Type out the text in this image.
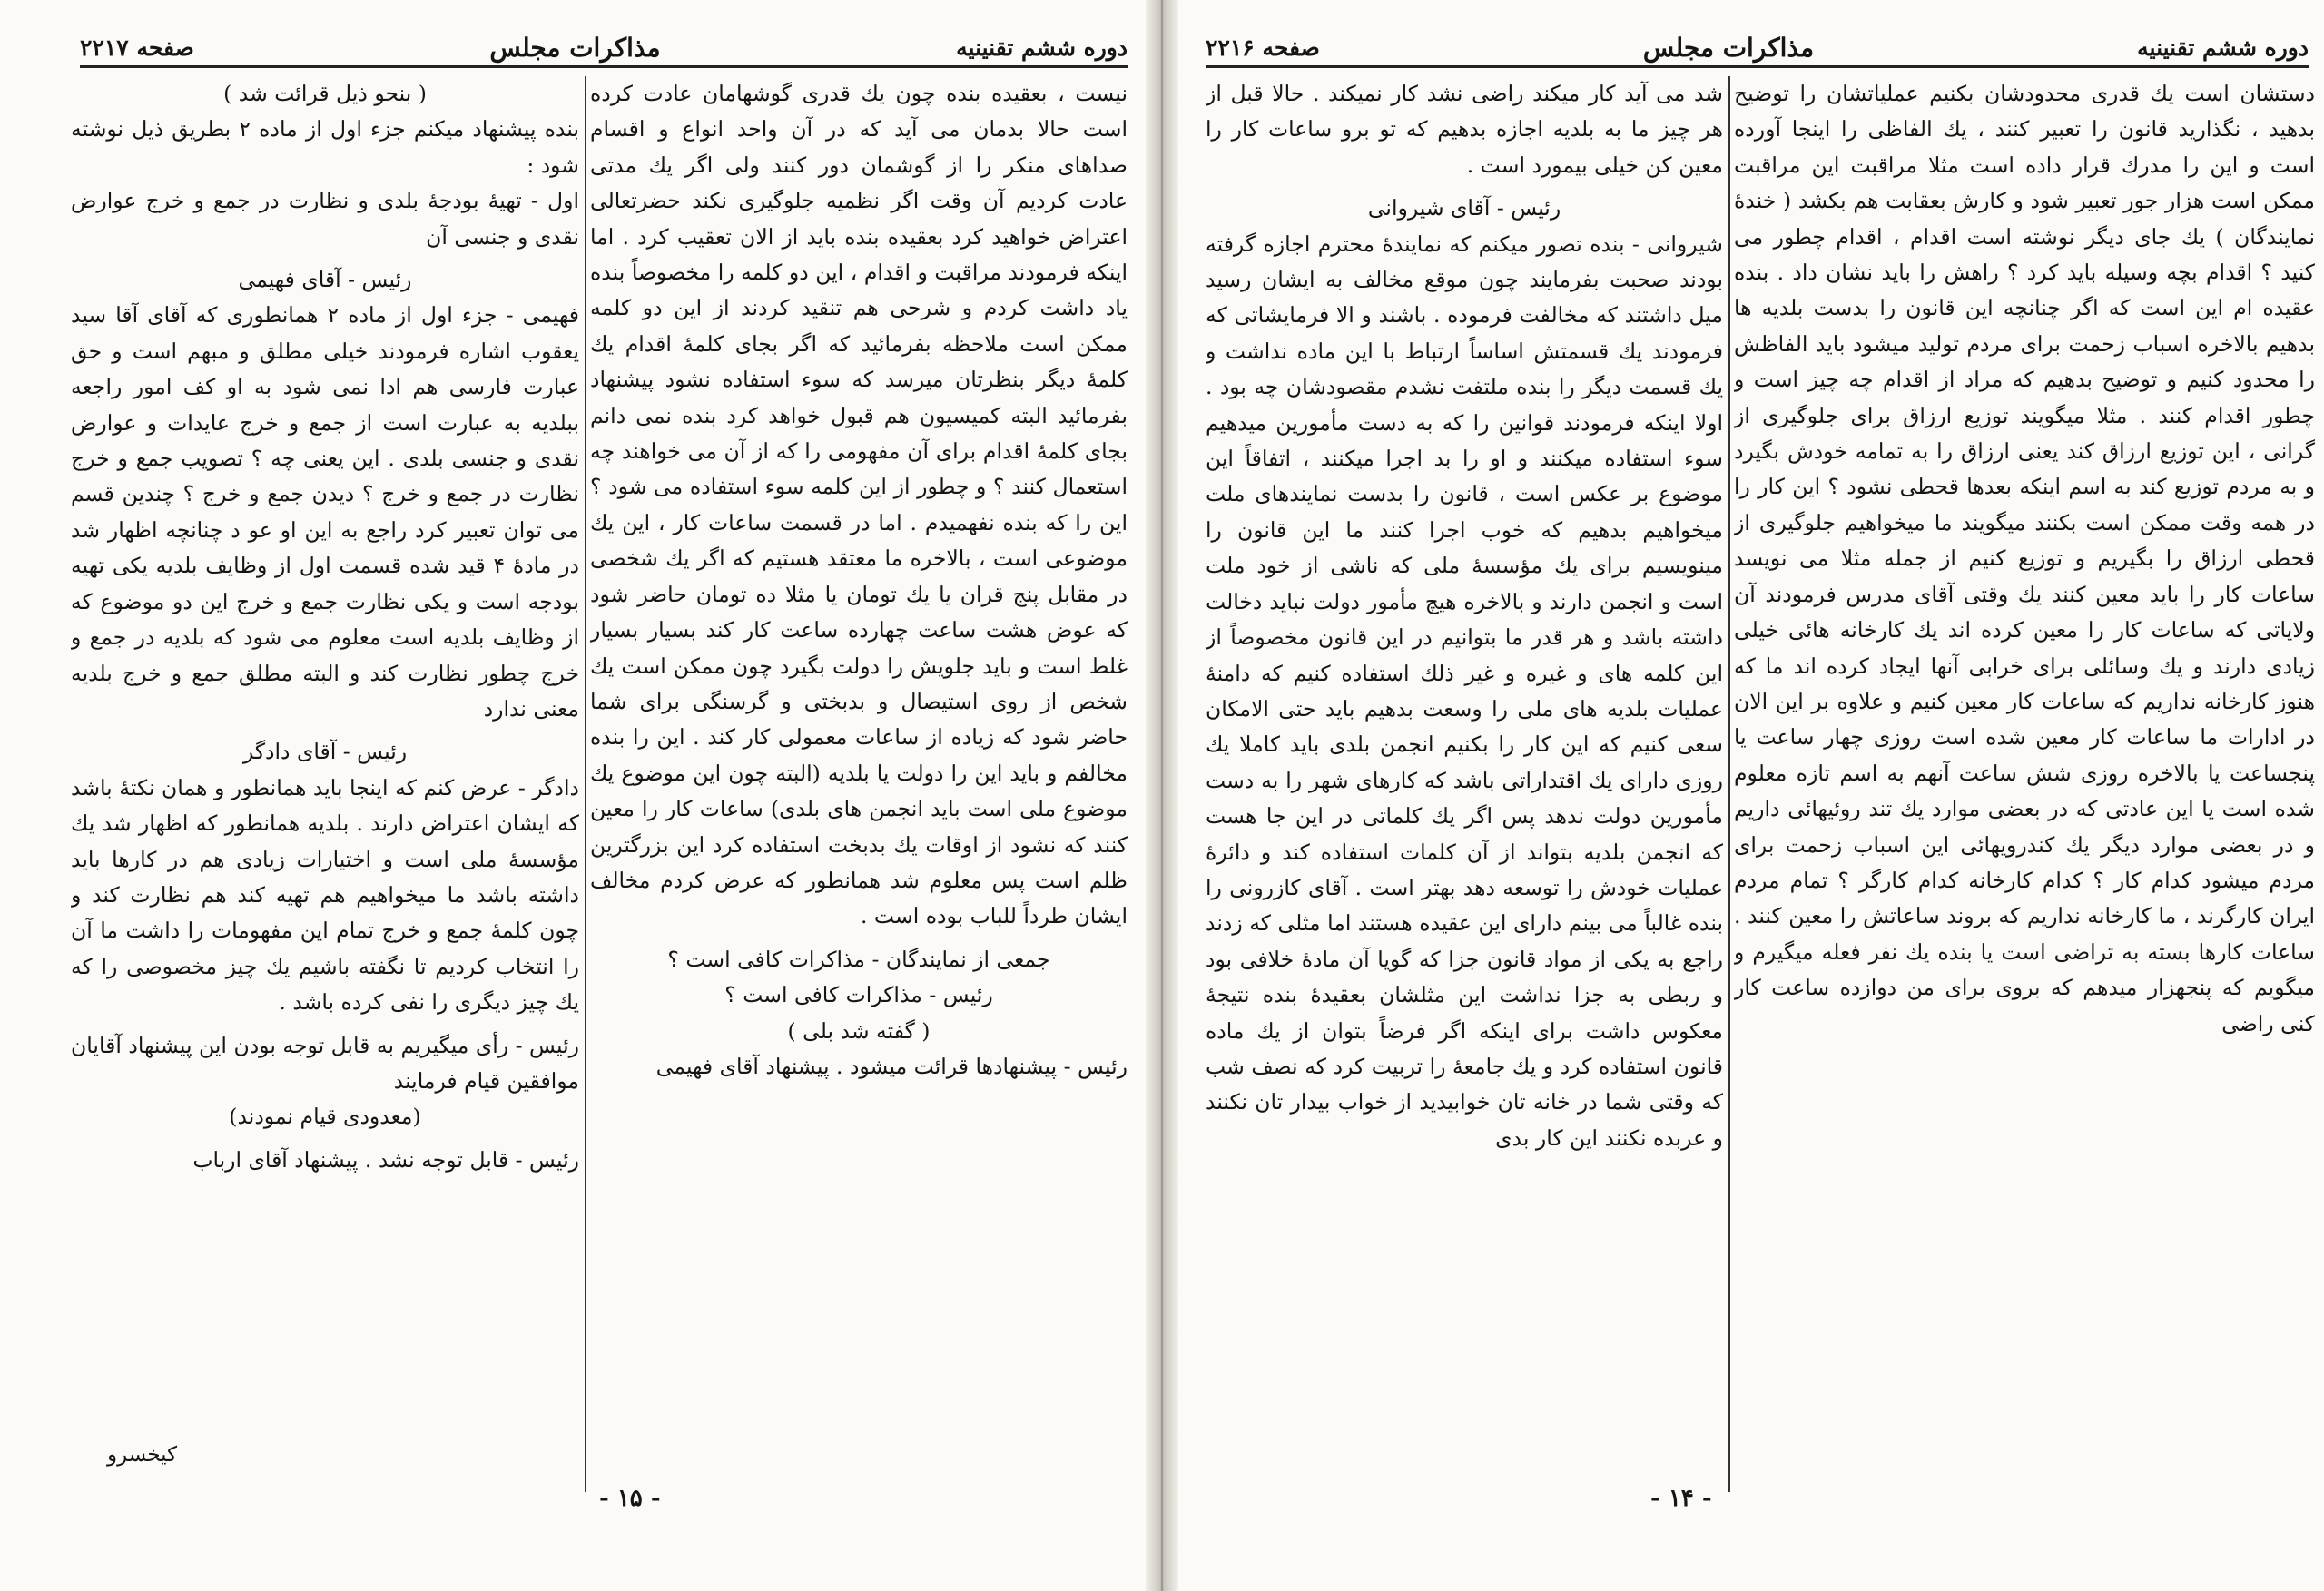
دوره ششم تقنینیه
مذاکرات مجلس
صفحه ۲۲۱۷

نیست ، بعقیده بنده چون یك قدری گوشهامان عادت کرده است حالا بدمان می آید که در آن واحد انواع و اقسام صداهای منکر را از گوشمان دور کنند ولی اگر یك مدتی عادت کردیم آن وقت اگر نظمیه جلوگیری نکند حضرتعالی اعتراض خواهید کرد بعقیده بنده باید از الان تعقیب کرد . اما اینکه فرمودند مراقبت و اقدام ، این دو کلمه را مخصوصاً بنده یاد داشت کردم و شرحی هم تنقید کردند از این دو کلمه ممکن است ملاحظه بفرمائید که اگر بجای کلمهٔ اقدام یك کلمهٔ دیگر بنظرتان میرسد که سوء استفاده نشود پیشنهاد بفرمائید البته کمیسیون هم قبول خواهد کرد بنده نمی دانم بجای کلمهٔ اقدام برای آن مفهومی را که از آن می خواهند چه استعمال کنند ؟ و چطور از این کلمه سوء استفاده می شود ؟ این را که بنده نفهمیدم . اما در قسمت ساعات کار ، این یك موضوعی است ، بالاخره ما معتقد هستیم که اگر یك شخصی در مقابل پنج قران یا یك تومان یا مثلا ده تومان حاضر شود که عوض هشت ساعت چهارده ساعت کار کند بسیار بسیار غلط است و باید جلویش را دولت بگیرد چون ممکن است یك شخص از روی استیصال و بدبختی و گرسنگی برای شما حاضر شود که زیاده از ساعات معمولی کار کند . این را بنده مخالفم و باید این را دولت یا بلدیه (البته چون این موضوع یك موضوع ملی است باید انجمن های بلدی) ساعات کار را معین کنند که نشود از اوقات یك بدبخت استفاده کرد این بزرگترین ظلم است پس معلوم شد همانطور که عرض کردم مخالف ایشان طرداً للباب بوده است .

جمعی از نمایندگان - مذاکرات کافی است ؟

رئیس - مذاکرات کافی است ؟

( گفته شد بلی )

رئیس - پیشنهادها قرائت میشود . پیشنهاد آقای فهیمی

( بنحو ذیل قرائت شد )

بنده پیشنهاد میکنم جزء اول از ماده ۲ بطریق ذیل نوشته شود :

اول - تهیهٔ بودجهٔ بلدی و نظارت در جمع و خرج عوارض نقدی و جنسی آن

رئیس - آقای فهیمی

فهیمی - جزء اول از ماده ۲ همانطوری که آقای آقا سید یعقوب اشاره فرمودند خیلی مطلق و مبهم است و حق عبارت فارسی هم ادا نمی شود به او کف امور راجعه ببلدیه به عبارت است از جمع و خرج عایدات و عوارض نقدی و جنسی بلدی . این یعنی چه ؟ تصویب جمع و خرج نظارت در جمع و خرج ؟ دیدن جمع و خرج ؟ چندین قسم می توان تعبیر کرد راجع به این او عو د چنانچه اظهار شد در مادهٔ ۴ قید شده قسمت اول از وظایف بلدیه یکی تهیه بودجه است و یکی نظارت جمع و خرج این دو موضوع که از وظایف بلدیه است معلوم می شود که بلدیه در جمع و خرج چطور نظارت کند و البته مطلق جمع و خرج بلدیه معنی ندارد

رئیس - آقای دادگر

دادگر - عرض کنم که اینجا باید همانطور و همان نکتهٔ باشد که ایشان اعتراض دارند . بلدیه همانطور که اظهار شد یك مؤسسهٔ ملی است و اختیارات زیادی هم در کارها باید داشته باشد ما میخواهیم هم تهیه کند هم نظارت کند و چون کلمهٔ جمع و خرج تمام این مفهومات را داشت ما آن را انتخاب کردیم تا نگفته باشیم یك چیز مخصوصی را که یك چیز دیگری را نفی کرده باشد .

رئیس - رأی میگیریم به قابل توجه بودن این پیشنهاد آقایان موافقین قیام فرمایند

(معدودی قیام نمودند)

رئیس - قابل توجه نشد . پیشنهاد آقای ارباب

کیخسرو
- ۱۵ -
دوره ششم تقنینیه
مذاکرات مجلس
صفحه ۲۲۱۶

دستشان است یك قدری محدودشان بکنیم عملیاتشان را توضیح بدهید ، نگذارید قانون را تعبیر کنند ، یك الفاظی را اینجا آورده است و این را مدرك قرار داده است مثلا مراقبت این مراقبت ممکن است هزار جور تعبیر شود و کارش بعقابت هم بکشد ( خندهٔ نمایندگان ) یك جای دیگر نوشته است اقدام ، اقدام چطور می کنید ؟ اقدام بچه وسیله باید کرد ؟ راهش را باید نشان داد . بنده عقیده ام این است که اگر چنانچه این قانون را بدست بلدیه ها بدهیم بالاخره اسباب زحمت برای مردم تولید میشود باید الفاظش را محدود کنیم و توضیح بدهیم که مراد از اقدام چه چیز است و چطور اقدام کنند . مثلا میگویند توزیع ارزاق برای جلوگیری از گرانی ، این توزیع ارزاق کند یعنی ارزاق را به تمامه خودش بگیرد و به مردم توزیع کند به اسم اینکه بعدها قحطی نشود ؟ این کار را در همه وقت ممکن است بکنند میگویند ما میخواهیم جلوگیری از قحطی ارزاق را بگیریم و توزیع کنیم از جمله مثلا می نویسد ساعات کار را باید معین کنند یك وقتی آقای مدرس فرمودند آن ولایاتی که ساعات کار را معین کرده اند یك کارخانه هائی خیلی زیادی دارند و یك وسائلی برای خرابی آنها ایجاد کرده اند ما که هنوز کارخانه نداریم که ساعات کار معین کنیم و علاوه بر این الان در ادارات ما ساعات کار معین شده است روزی چهار ساعت یا پنجساعت یا بالاخره روزی شش ساعت آنهم به اسم تازه معلوم شده است یا این عادتی که در بعضی موارد یك تند روئیهائی داریم و در بعضی موارد دیگر یك کندرویهائی این اسباب زحمت برای مردم میشود کدام کار ؟ کدام کارخانه کدام کارگر ؟ تمام مردم ایران کارگرند ، ما کارخانه نداریم که بروند ساعاتش را معین کنند . ساعات کارها بسته به تراضی است یا بنده یك نفر فعله میگیرم و میگویم که پنجهزار میدهم که بروی برای من دوازده ساعت کار کنی راضی

شد می آید کار میکند راضی نشد کار نمیکند . حالا قبل از هر چیز ما به بلدیه اجازه بدهیم که تو برو ساعات کار را معین کن خیلی بیمورد است .

رئیس - آقای شیروانی

شیروانی - بنده تصور میکنم که نمایندهٔ محترم اجازه گرفته بودند صحبت بفرمایند چون موقع مخالف به ایشان رسید میل داشتند که مخالفت فرموده . باشند و الا فرمایشاتی که فرمودند یك قسمتش اساساً ارتباط با این ماده نداشت و یك قسمت دیگر را بنده ملتفت نشدم مقصودشان چه بود . اولا اینکه فرمودند قوانین را که به دست مأمورین میدهیم سوء استفاده میکنند و او را بد اجرا میکنند ، اتفاقاً این موضوع بر عکس است ، قانون را بدست نمایندهای ملت میخواهیم بدهیم که خوب اجرا کنند ما این قانون را مینویسیم برای یك مؤسسهٔ ملی که ناشی از خود ملت است و انجمن دارند و بالاخره هیچ مأمور دولت نباید دخالت داشته باشد و هر قدر ما بتوانیم در این قانون مخصوصاً از این کلمه های و غیره و غیر ذلك استفاده کنیم که دامنهٔ عملیات بلدیه های ملی را وسعت بدهیم باید حتی الامکان سعی کنیم که این کار را بکنیم انجمن بلدی باید کاملا یك روزی دارای یك اقتداراتی باشد که کارهای شهر را به دست مأمورین دولت ندهد پس اگر یك کلماتی در این جا هست که انجمن بلدیه بتواند از آن کلمات استفاده کند و دائرهٔ عملیات خودش را توسعه دهد بهتر است . آقای کازرونی را بنده غالباً می بینم دارای این عقیده هستند اما مثلی که زدند راجع به یکی از مواد قانون جزا که گویا آن مادهٔ خلافی بود و ربطی به جزا نداشت این مثلشان بعقیدهٔ بنده نتیجهٔ معکوس داشت برای اینکه اگر فرضاً بتوان از یك ماده قانون استفاده کرد و یك جامعهٔ را تربیت کرد که نصف شب که وقتی شما در خانه تان خوابیدید از خواب بیدار تان نکنند و عربده نکنند این کار بدی

- ۱۴ -
